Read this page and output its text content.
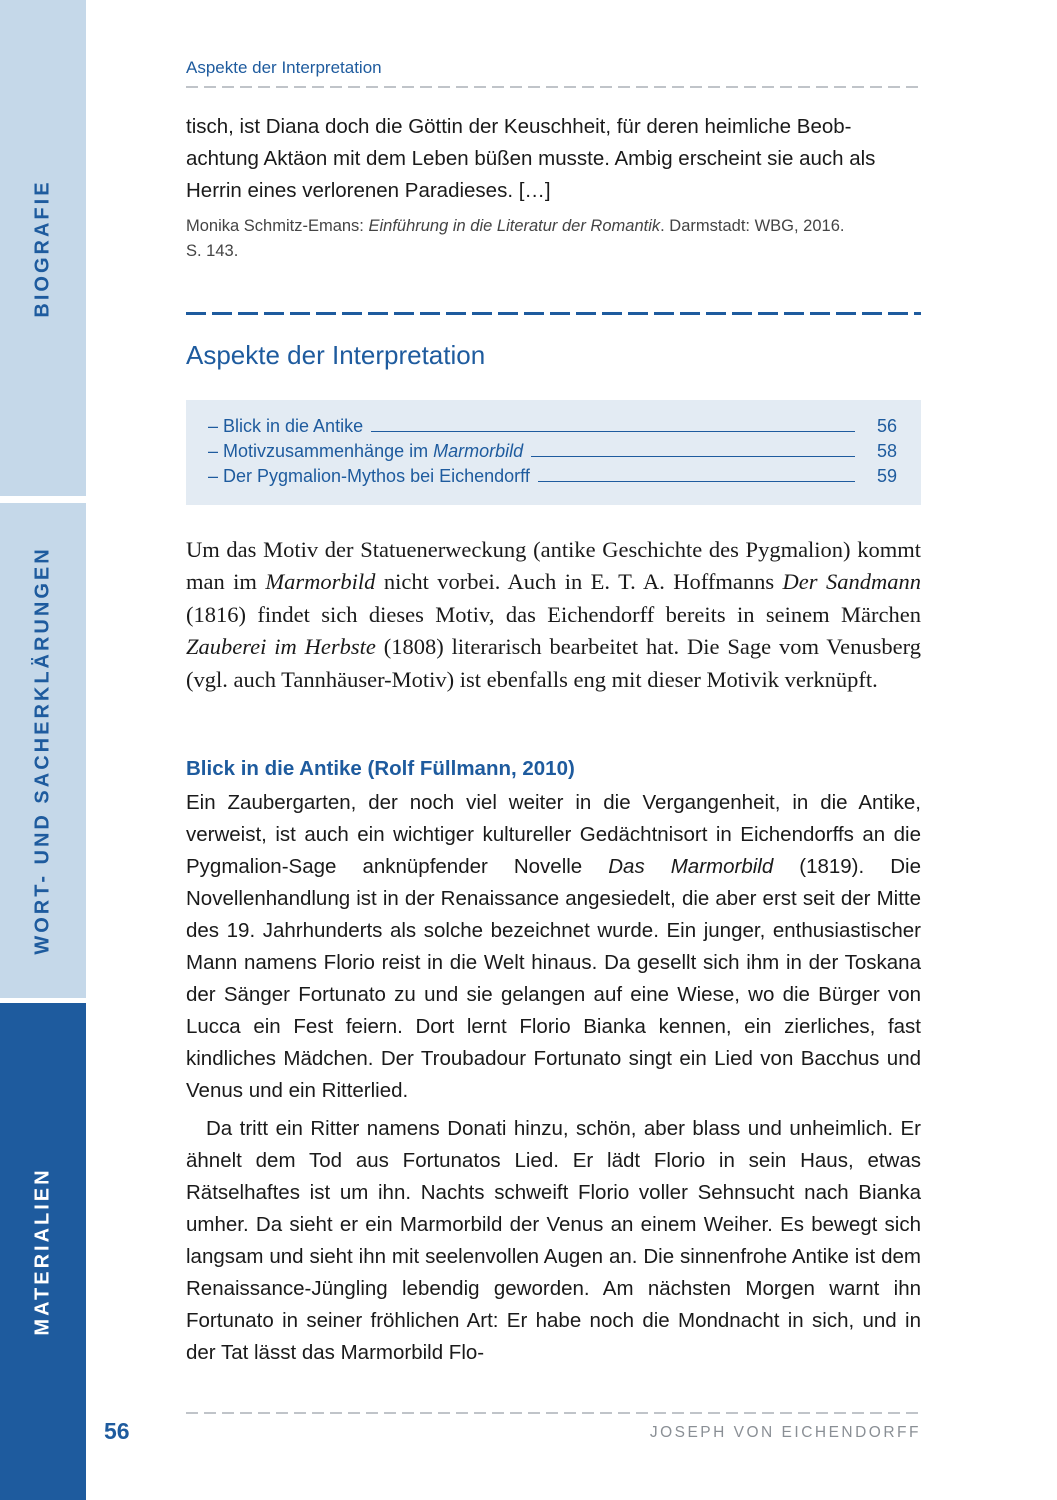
BIOGRAFIE
WORT- UND SACHERKLÄRUNGEN
MATERIALIEN
Aspekte der Interpretation
tisch, ist Diana doch die Göttin der Keuschheit, für deren heimliche Beob-
achtung Aktäon mit dem Leben büßen musste. Ambig erscheint sie auch als
Herrin eines verlorenen Paradieses. […]
Monika Schmitz-Emans: Einführung in die Literatur der Romantik. Darmstadt: WBG, 2016.
S. 143.
Aspekte der Interpretation
– Blick in die Antike	56
– Motivzusammenhänge im Marmorbild	58
– Der Pygmalion-Mythos bei Eichendorff	59

Um das Motiv der Statuenerweckung (antike Geschichte des Pygmalion) kommt man im Marmorbild nicht vorbei. Auch in E. T. A. Hoffmanns Der Sandmann (1816) findet sich dieses Motiv, das Eichendorff bereits in seinem Märchen Zauberei im Herbste (1808) literarisch bearbeitet hat. Die Sage vom Venusberg (vgl. auch Tannhäuser-Motiv) ist ebenfalls eng mit dieser Motivik verknüpft.

Blick in die Antike (Rolf Füllmann, 2010)

Ein Zaubergarten, der noch viel weiter in die Vergangenheit, in die Antike, verweist, ist auch ein wichtiger kultureller Gedächtnisort in Eichendorffs an die Pygmalion-Sage anknüpfender Novelle Das Marmorbild (1819). Die Novellenhandlung ist in der Renaissance angesiedelt, die aber erst seit der Mitte des 19. Jahrhunderts als solche bezeichnet wurde. Ein junger, enthusiastischer Mann namens Florio reist in die Welt hinaus. Da gesellt sich ihm in der Toskana der Sänger Fortunato zu und sie gelangen auf eine Wiese, wo die Bürger von Lucca ein Fest feiern. Dort lernt Florio Bianka kennen, ein zierliches, fast kindliches Mädchen. Der Troubadour Fortunato singt ein Lied von Bacchus und Venus und ein Ritterlied.

Da tritt ein Ritter namens Donati hinzu, schön, aber blass und unheimlich. Er ähnelt dem Tod aus Fortunatos Lied. Er lädt Florio in sein Haus, etwas Rätselhaftes ist um ihn. Nachts schweift Florio voller Sehnsucht nach Bianka umher. Da sieht er ein Marmorbild der Venus an einem Weiher. Es bewegt sich langsam und sieht ihn mit seelenvollen Augen an. Die sinnenfrohe Antike ist dem Renaissance-Jüngling lebendig geworden. Am nächsten Morgen warnt ihn Fortunato in seiner fröhlichen Art: Er habe noch die Mondnacht in sich, und in der Tat lässt das Marmorbild Flo-

56	JOSEPH VON EICHENDORFF
